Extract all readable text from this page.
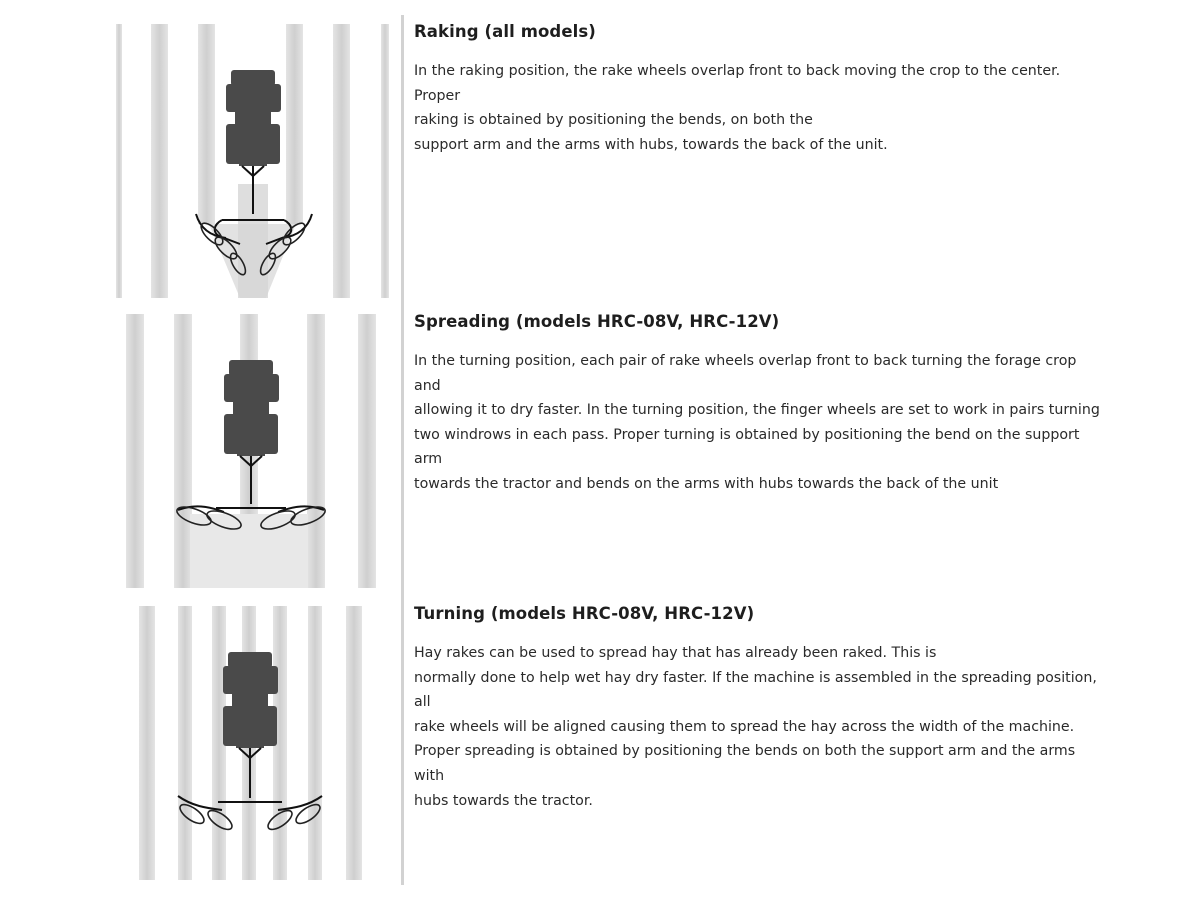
Raking (all models)

In the raking position, the rake wheels overlap front to back moving the crop to the center. Proper
raking is obtained by positioning the bends, on both the
support arm and the arms with hubs, towards the back of the unit.

Spreading (models HRC-08V, HRC-12V)

In the turning position, each pair of rake wheels overlap front to back turning the forage crop and
allowing it to dry faster. In the turning position, the finger wheels are set to work in pairs turning
two windrows in each pass. Proper turning is obtained by positioning the bend on the support arm
towards the tractor and bends on the arms with hubs towards the back of the unit

Turning (models HRC-08V, HRC-12V)

Hay rakes can be used to spread hay that has already been raked. This is
normally done to help wet hay dry faster. If the machine is assembled in the spreading position, all
rake wheels will be aligned causing them to spread the hay across the width of the machine.
Proper spreading is obtained by positioning the bends on both the support arm and the arms with
hubs towards the tractor.
